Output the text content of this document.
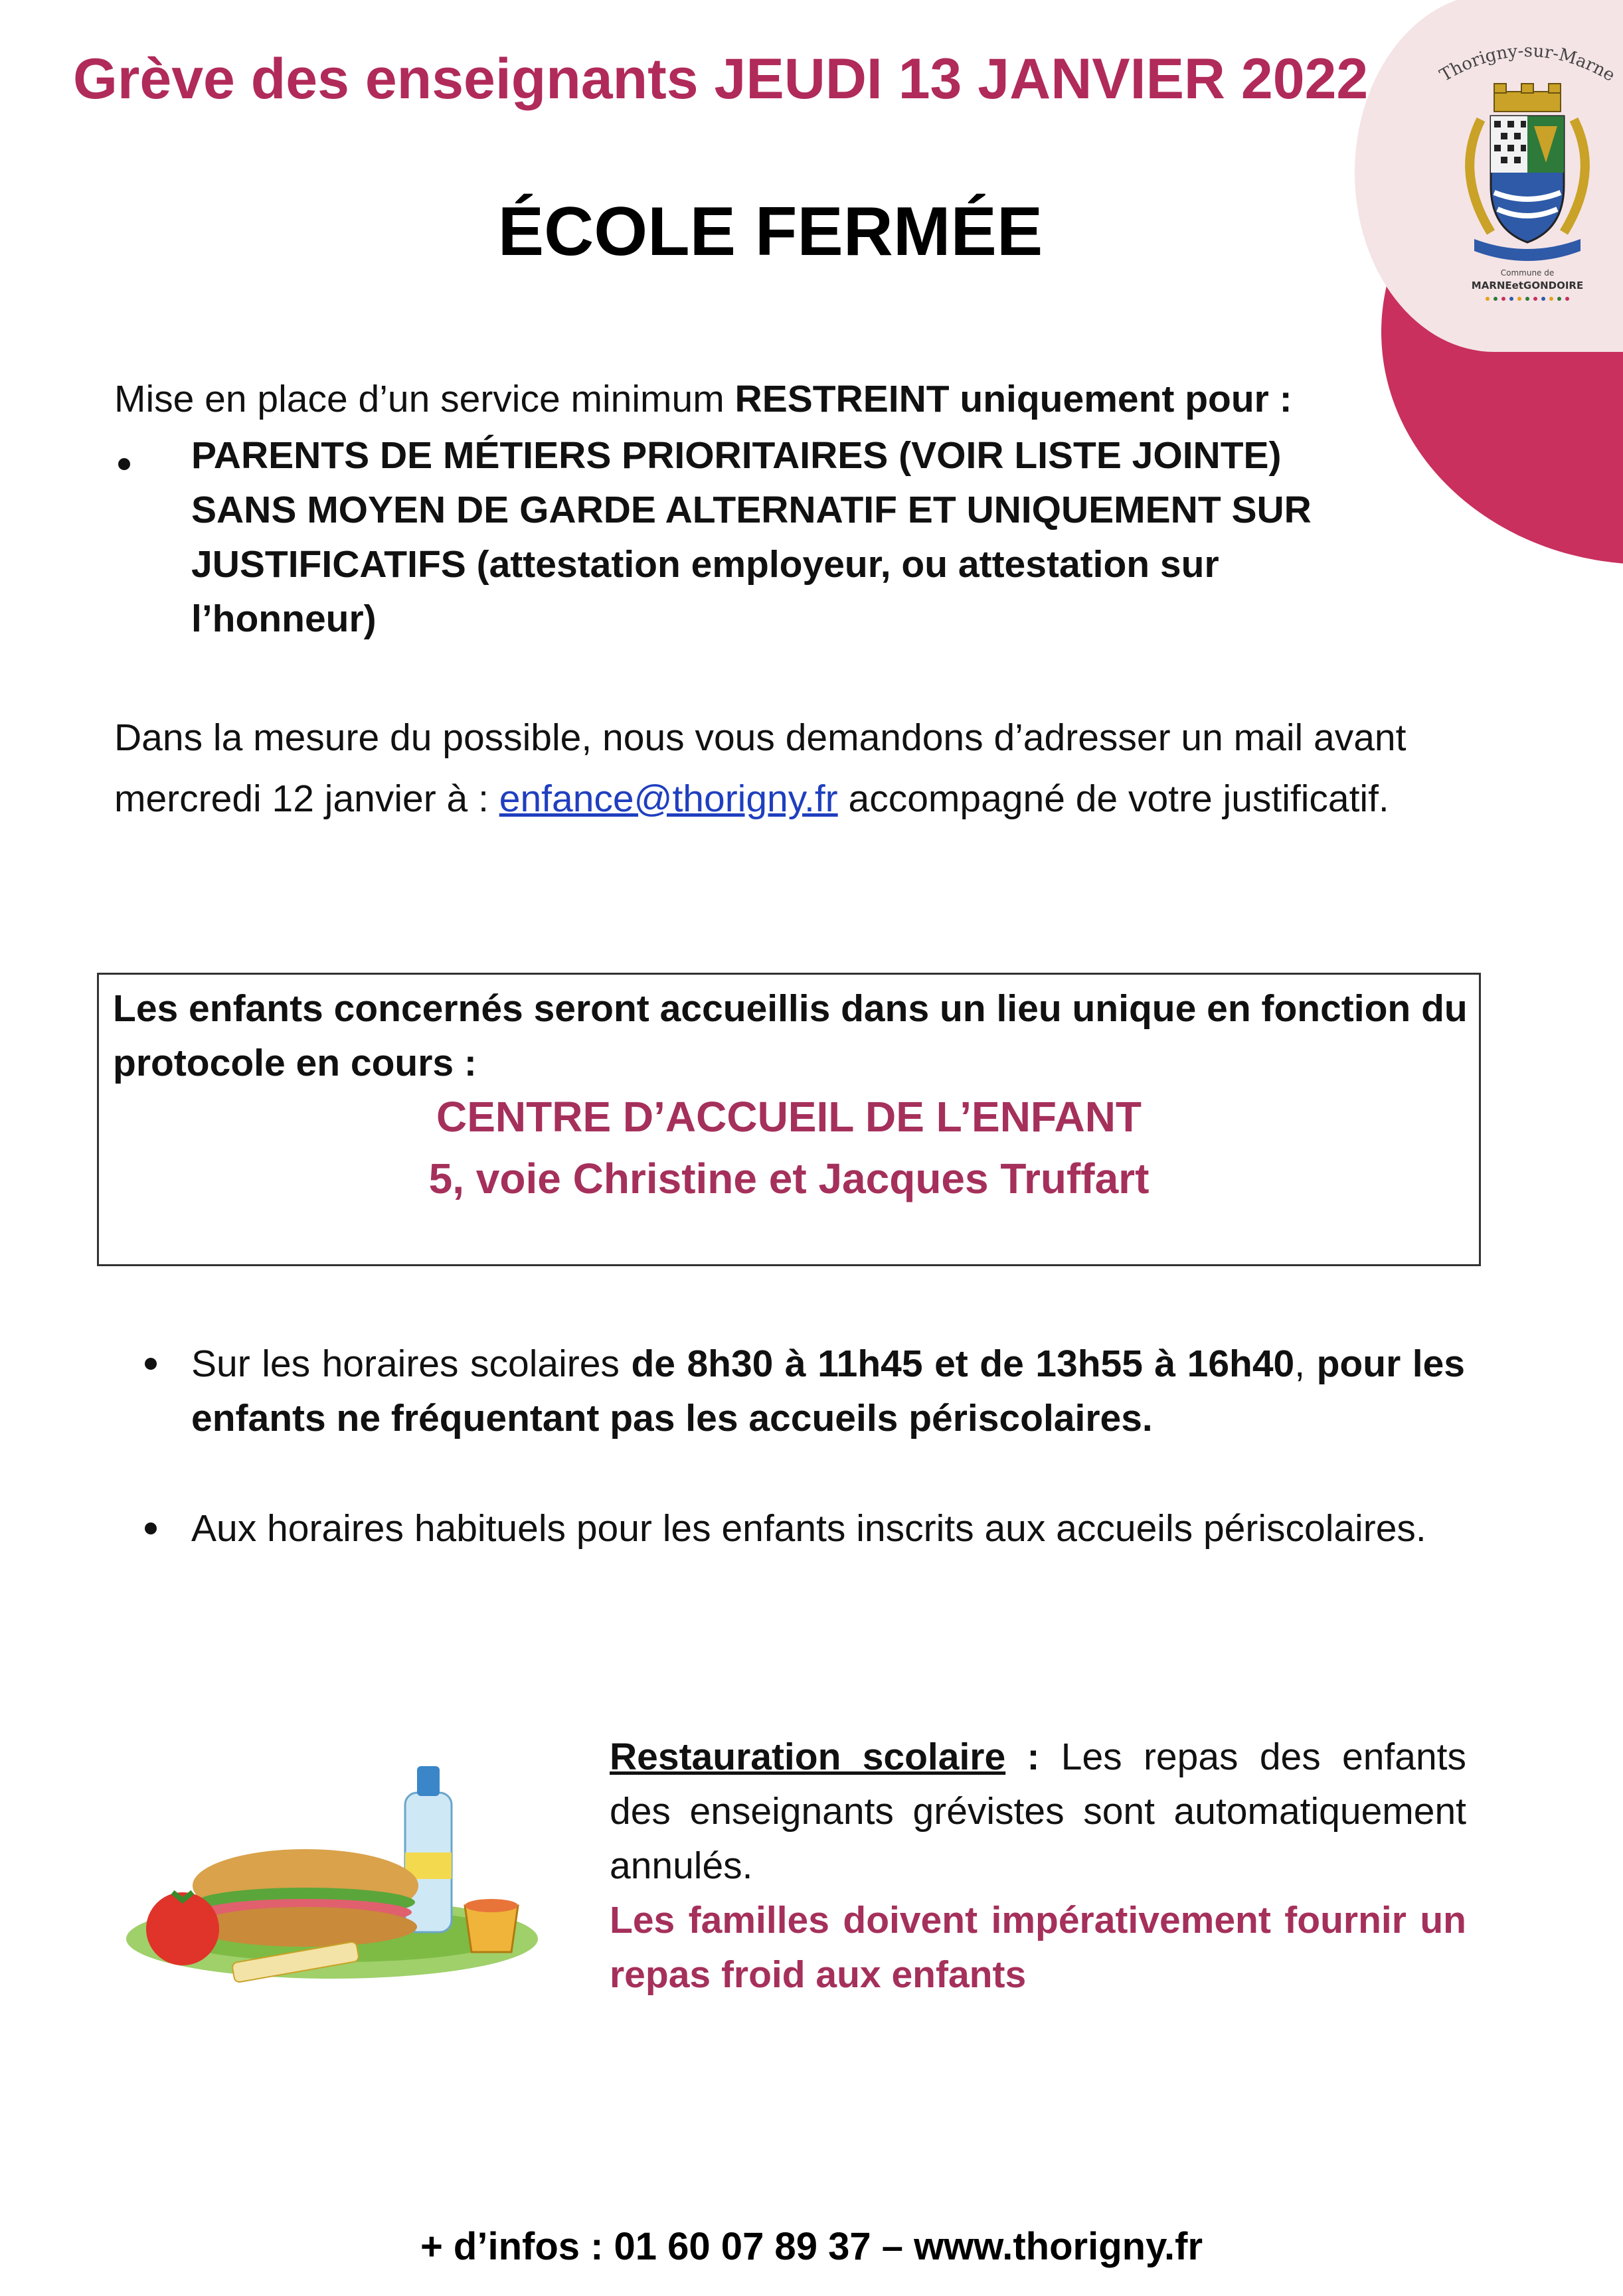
Thorigny-sur-Marne
Commune de
MARNEetGONDOIRE
Grève des enseignants JEUDI 13 JANVIER 2022
ÉCOLE FERMÉE
Mise en place d’un service minimum RESTREINT uniquement pour :
PARENTS DE MÉTIERS PRIORITAIRES (VOIR LISTE JOINTE) SANS MOYEN DE GARDE ALTERNATIF ET UNIQUEMENT SUR JUSTIFICATIFS (attestation employeur, ou attestation sur l’honneur)
Dans la mesure du possible, nous vous demandons d’adresser un mail avant mercredi 12 janvier à : enfance@thorigny.fr accompagné de votre justificatif.
Les enfants concernés seront accueillis dans un lieu unique en fonction du protocole en cours :
CENTRE D’ACCUEIL DE L’ENFANT
5, voie Christine et Jacques Truffart
Sur les horaires scolaires de 8h30 à 11h45 et de 13h55 à 16h40, pour les enfants ne fréquentant pas les accueils périscolaires.
Aux horaires habituels pour les enfants inscrits aux accueils périscolaires.
Restauration scolaire : Les repas des enfants des enseignants grévistes sont automatiquement annulés.
Les familles doivent impérativement fournir un repas froid aux enfants
+ d’infos : 01 60 07 89 37 – www.thorigny.fr
